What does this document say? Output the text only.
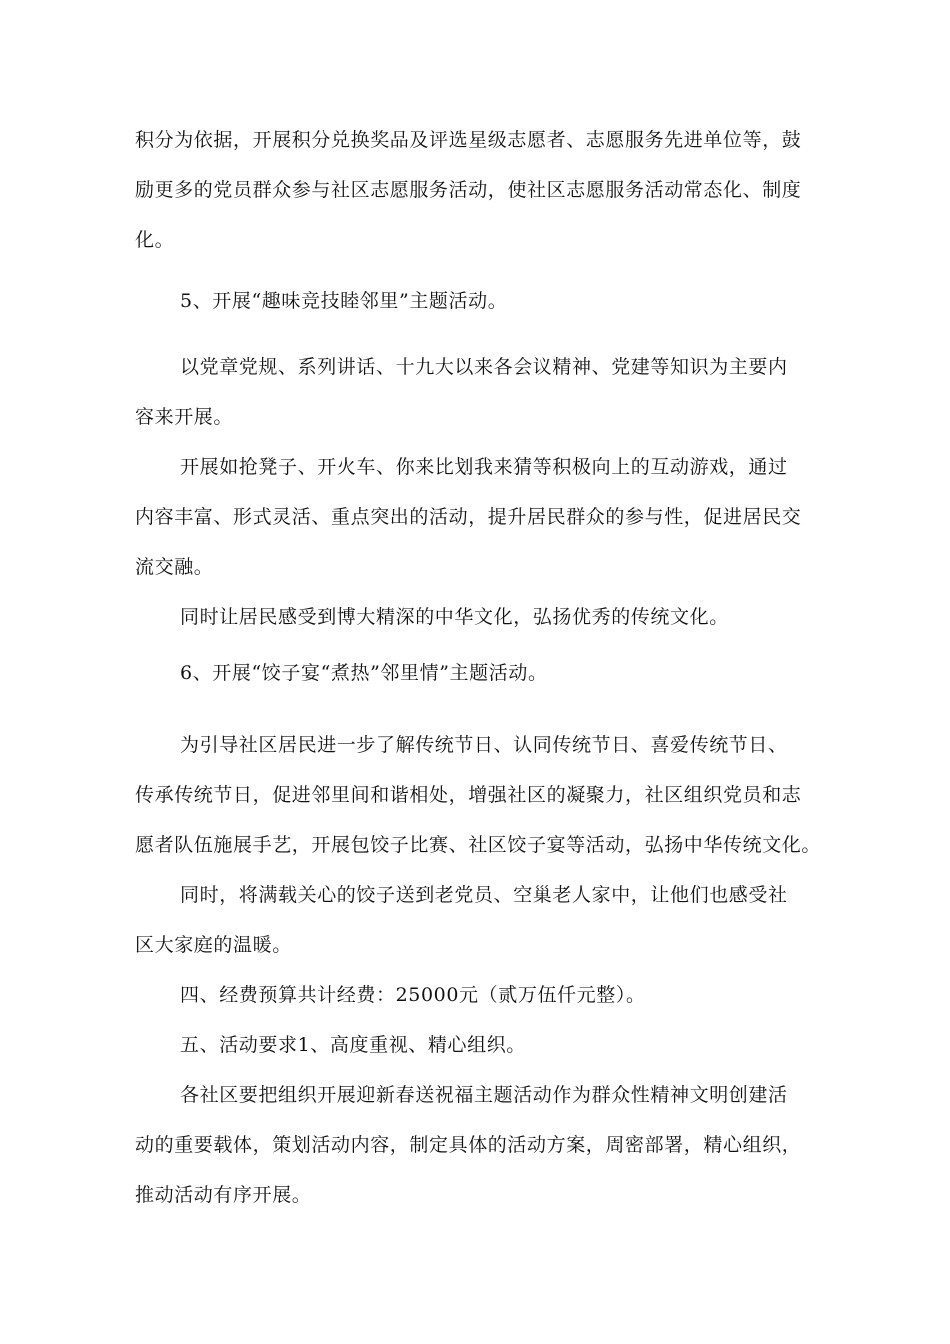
积分为依据，开展积分兑换奖品及评选星级志愿者、志愿服务先进单位等，鼓
励更多的党员群众参与社区志愿服务活动，使社区志愿服务活动常态化、制度
化。
5、开展“趣味竞技睦邻里”主题活动。
以党章党规、系列讲话、十九大以来各会议精神、党建等知识为主要内
容来开展。
开展如抢凳子、开火车、你来比划我来猜等积极向上的互动游戏，通过
内容丰富、形式灵活、重点突出的活动，提升居民群众的参与性，促进居民交
流交融。
同时让居民感受到博大精深的中华文化，弘扬优秀的传统文化。
6、开展“饺子宴“煮热”邻里情”主题活动。
为引导社区居民进一步了解传统节日、认同传统节日、喜爱传统节日、
传承传统节日，促进邻里间和谐相处，增强社区的凝聚力，社区组织党员和志
愿者队伍施展手艺，开展包饺子比赛、社区饺子宴等活动，弘扬中华传统文化。
同时，将满载关心的饺子送到老党员、空巢老人家中，让他们也感受社
区大家庭的温暖。
四、经费预算共计经费：25000元（贰万伍仟元整）。
五、活动要求1、高度重视、精心组织。
各社区要把组织开展迎新春送祝福主题活动作为群众性精神文明创建活
动的重要载体，策划活动内容，制定具体的活动方案，周密部署，精心组织，
推动活动有序开展。
